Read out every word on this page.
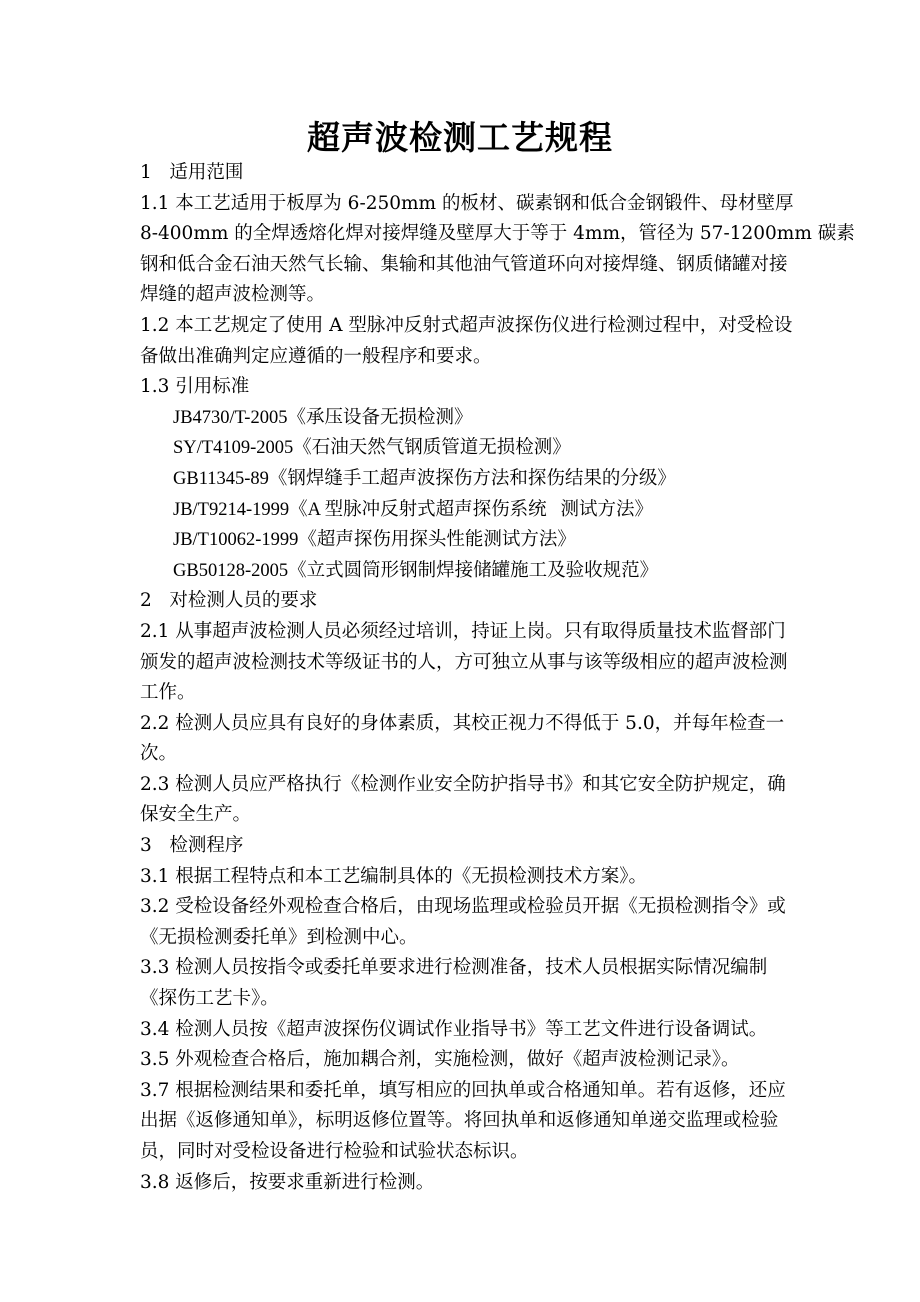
超声波检测工艺规程
1   适用范围
1.1 本工艺适用于板厚为 6-250mm 的板材、碳素钢和低合金钢锻件、母材壁厚
8-400mm 的全焊透熔化焊对接焊缝及壁厚大于等于 4mm，管径为 57-1200mm 碳素
钢和低合金石油天然气长输、集输和其他油气管道环向对接焊缝、钢质储罐对接
焊缝的超声波检测等。
1.2 本工艺规定了使用 A 型脉冲反射式超声波探伤仪进行检测过程中，对受检设
备做出准确判定应遵循的一般程序和要求。
1.3 引用标准
JB4730/T-2005《承压设备无损检测》
SY/T4109-2005《石油天然气钢质管道无损检测》
GB11345-89《钢焊缝手工超声波探伤方法和探伤结果的分级》
JB/T9214-1999《A 型脉冲反射式超声探伤系统   测试方法》
JB/T10062-1999《超声探伤用探头性能测试方法》
GB50128-2005《立式圆筒形钢制焊接储罐施工及验收规范》
2   对检测人员的要求
2.1 从事超声波检测人员必须经过培训，持证上岗。只有取得质量技术监督部门
颁发的超声波检测技术等级证书的人，方可独立从事与该等级相应的超声波检测
工作。
2.2 检测人员应具有良好的身体素质，其校正视力不得低于 5.0，并每年检查一
次。
2.3 检测人员应严格执行《检测作业安全防护指导书》和其它安全防护规定，确
保安全生产。
3   检测程序
3.1 根据工程特点和本工艺编制具体的《无损检测技术方案》。
3.2 受检设备经外观检查合格后，由现场监理或检验员开据《无损检测指令》或
《无损检测委托单》到检测中心。
3.3 检测人员按指令或委托单要求进行检测准备，技术人员根据实际情况编制
《探伤工艺卡》。
3.4 检测人员按《超声波探伤仪调试作业指导书》等工艺文件进行设备调试。
3.5 外观检查合格后，施加耦合剂，实施检测，做好《超声波检测记录》。
3.7 根据检测结果和委托单，填写相应的回执单或合格通知单。若有返修，还应
出据《返修通知单》，标明返修位置等。将回执单和返修通知单递交监理或检验
员，同时对受检设备进行检验和试验状态标识。
3.8 返修后，按要求重新进行检测。
